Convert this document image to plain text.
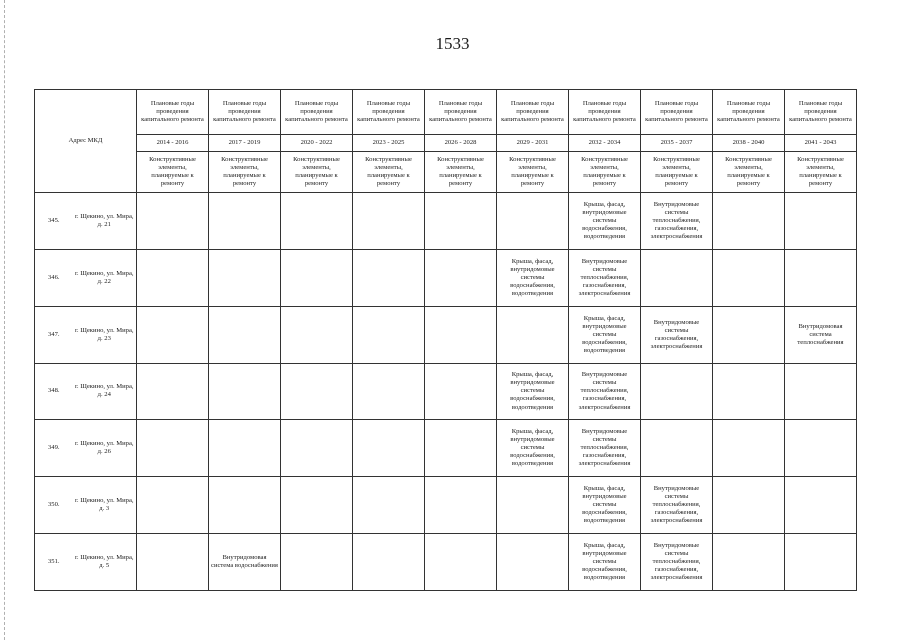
1533
Адрес МКД		Плановые годы проведения капитального ремонта	Плановые годы проведения капитального ремонта	Плановые годы проведения капитального ремонта	Плановые годы проведения капитального ремонта	Плановые годы проведения капитального ремонта	Плановые годы проведения капитального ремонта	Плановые годы проведения капитального ремонта	Плановые годы проведения капитального ремонта	Плановые годы проведения капитального ремонта	Плановые годы проведения капитального ремонта
		2014 - 2016	2017 - 2019	2020 - 2022	2023 - 2025	2026 - 2028	2029 - 2031	2032 - 2034	2035 - 2037	2038 - 2040	2041 - 2043
		Конструктивные элементы, планируемые к ремонту	Конструктивные элементы, планируемые к ремонту	Конструктивные элементы, планируемые к ремонту	Конструктивные элементы, планируемые к ремонту	Конструктивные элементы, планируемые к ремонту	Конструктивные элементы, планируемые к ремонту	Конструктивные элементы, планируемые к ремонту	Конструктивные элементы, планируемые к ремонту	Конструктивные элементы, планируемые к ремонту	Конструктивные элементы, планируемые к ремонту
345.	г. Щекино, ул. Мира, д. 21							Крыша, фасад, внутридомовые системы водоснабжения, водоотведения	Внутридомовые системы теплоснабжения, газоснабжения, электроснабжения		
346.	г. Щекино, ул. Мира, д. 22						Крыша, фасад, внутридомовые системы водоснабжения, водоотведения	Внутридомовые системы теплоснабжения, газоснабжения, электроснабжения			
347.	г. Щекино, ул. Мира, д. 23							Крыша, фасад, внутридомовые системы водоснабжения, водоотведения	Внутридомовые системы газоснабжения, электроснабжения		Внутридомовая система теплоснабжения
348.	г. Щекино, ул. Мира, д. 24						Крыша, фасад, внутридомовые системы водоснабжения, водоотведения	Внутридомовые системы теплоснабжения, газоснабжения, электроснабжения			
349.	г. Щекино, ул. Мира, д. 26						Крыша, фасад, внутридомовые системы водоснабжения, водоотведения	Внутридомовые системы теплоснабжения, газоснабжения, электроснабжения			
350.	г. Щекино, ул. Мира, д. 3							Крыша, фасад, внутридомовые системы водоснабжения, водоотведения	Внутридомовые системы теплоснабжения, газоснабжения, электроснабжения		
351.	г. Щекино, ул. Мира, д. 5		Внутридомовая система водоснабжения					Крыша, фасад, внутридомовые системы водоснабжения, водоотведения	Внутридомовые системы теплоснабжения, газоснабжения, электроснабжения		
